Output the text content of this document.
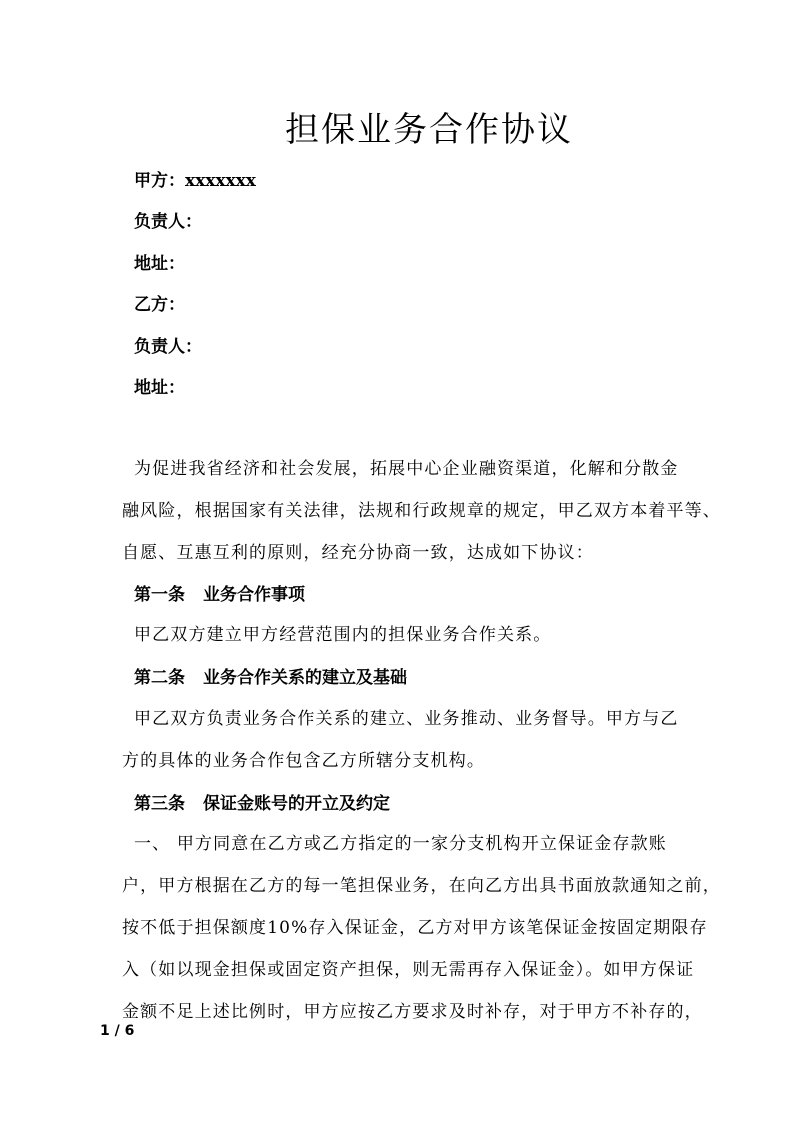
担保业务合作协议
甲方：xxxxxxx
负责人：
地址：
乙方：
负责人：
地址：
为促进我省经济和社会发展，拓展中心企业融资渠道，化解和分散金
融风险，根据国家有关法律，法规和行政规章的规定，甲乙双方本着平等、
自愿、互惠互利的原则，经充分协商一致，达成如下协议：
第一条 业务合作事项
甲乙双方建立甲方经营范围内的担保业务合作关系。
第二条 业务合作关系的建立及基础
甲乙双方负责业务合作关系的建立、业务推动、业务督导。甲方与乙
方的具体的业务合作包含乙方所辖分支机构。
第三条 保证金账号的开立及约定
一、 甲方同意在乙方或乙方指定的一家分支机构开立保证金存款账
户，甲方根据在乙方的每一笔担保业务，在向乙方出具书面放款通知之前，
按不低于担保额度10%存入保证金，乙方对甲方该笔保证金按固定期限存
入（如以现金担保或固定资产担保，则无需再存入保证金）。如甲方保证
金额不足上述比例时，甲方应按乙方要求及时补存，对于甲方不补存的，
1 / 6
